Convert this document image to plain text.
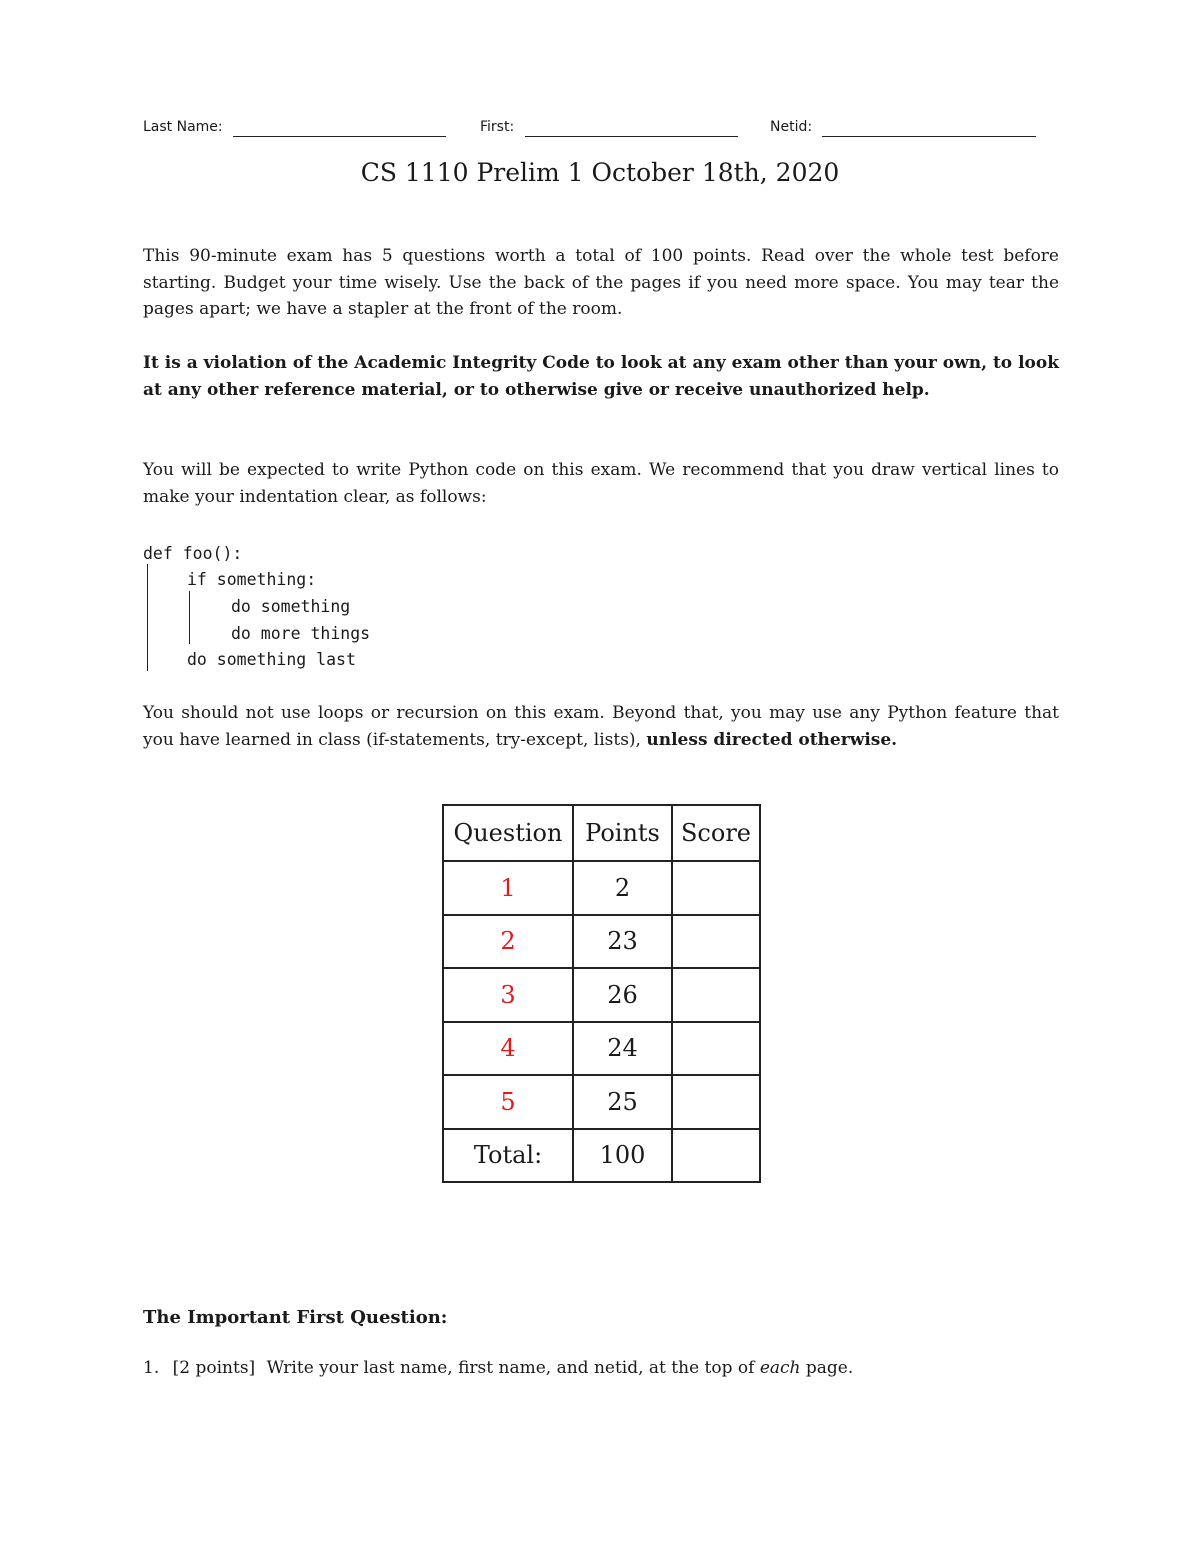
Last Name:	First:	Netid:
CS 1110 Prelim 1 October 18th, 2020

This 90-minute exam has 5 questions worth a total of 100 points. Read over the whole test before starting. Budget your time wisely. Use the back of the pages if you need more space. You may tear the pages apart; we have a stapler at the front of the room.

It is a violation of the Academic Integrity Code to look at any exam other than your own, to look at any other reference material, or to otherwise give or receive unauthorized help.

You will be expected to write Python code on this exam. We recommend that you draw vertical lines to make your indentation clear, as follows:

def foo():
if something:
do something
do more things
do something last

You should not use loops or recursion on this exam. Beyond that, you may use any Python feature that you have learned in class (if-statements, try-except, lists), unless directed otherwise.

Question	Points	Score
1	2	
2	23	
3	26	
4	24	
5	25	
Total:	100	
The Important First Question:
1. [2 points] Write your last name, first name, and netid, at the top of each page.
